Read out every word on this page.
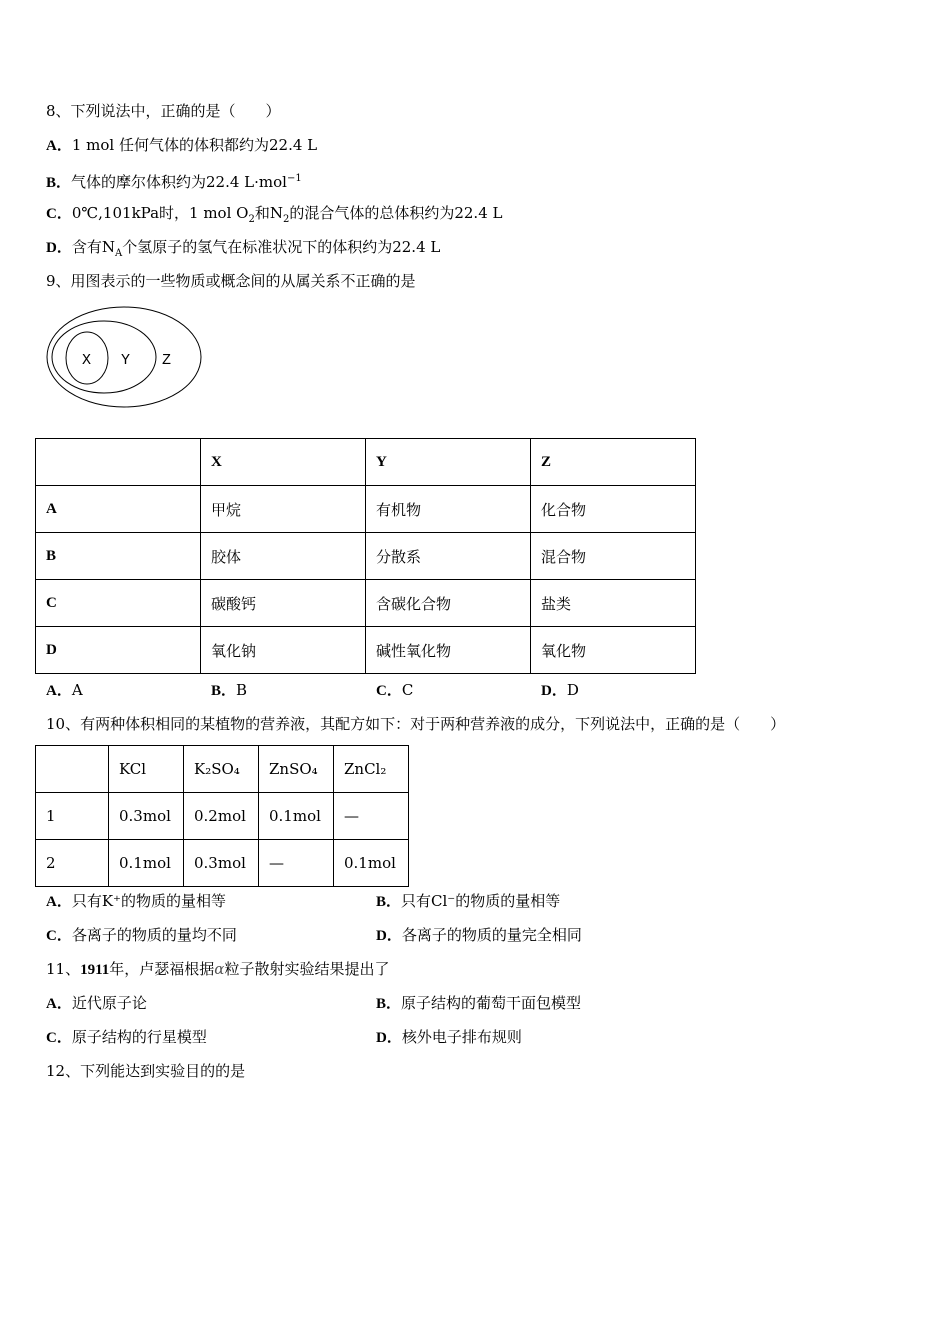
8、下列说法中，正确的是（　　）
A．1 mol 任何气体的体积都约为22.4 L
B．气体的摩尔体积约为22.4 L·mol$^{-1}$
C．0℃,101kPa时，1 mol $O_2$和$N_2$的混合气体的总体积约为22.4 L
D．含有$N_A$个氢原子的氢气在标准状况下的体积约为22.4 L
9、用图表示的一些物质或概念间的从属关系不正确的是
X Y Z
	X	Y	Z
A	甲烷	有机物	化合物
B	胶体	分散系	混合物
C	碳酸钙	含碳化合物	盐类
D	氧化钠	碱性氧化物	氧化物
A．A	B．B	C．C	D．D
10、有两种体积相同的某植物的营养液，其配方如下：对于两种营养液的成分，下列说法中，正确的是（　　）
	KCl	K₂SO₄	ZnSO₄	ZnCl₂
1	0.3mol	0.2mol	0.1mol	—
2	0.1mol	0.3mol	—	0.1mol
A．只有K⁺的物质的量相等	B．只有Cl⁻的物质的量相等
C．各离子的物质的量均不同	D．各离子的物质的量完全相同
11、1911年，卢瑟福根据α粒子散射实验结果提出了
A．近代原子论	B．原子结构的葡萄干面包模型
C．原子结构的行星模型	D．核外电子排布规则
12、下列能达到实验目的的是
